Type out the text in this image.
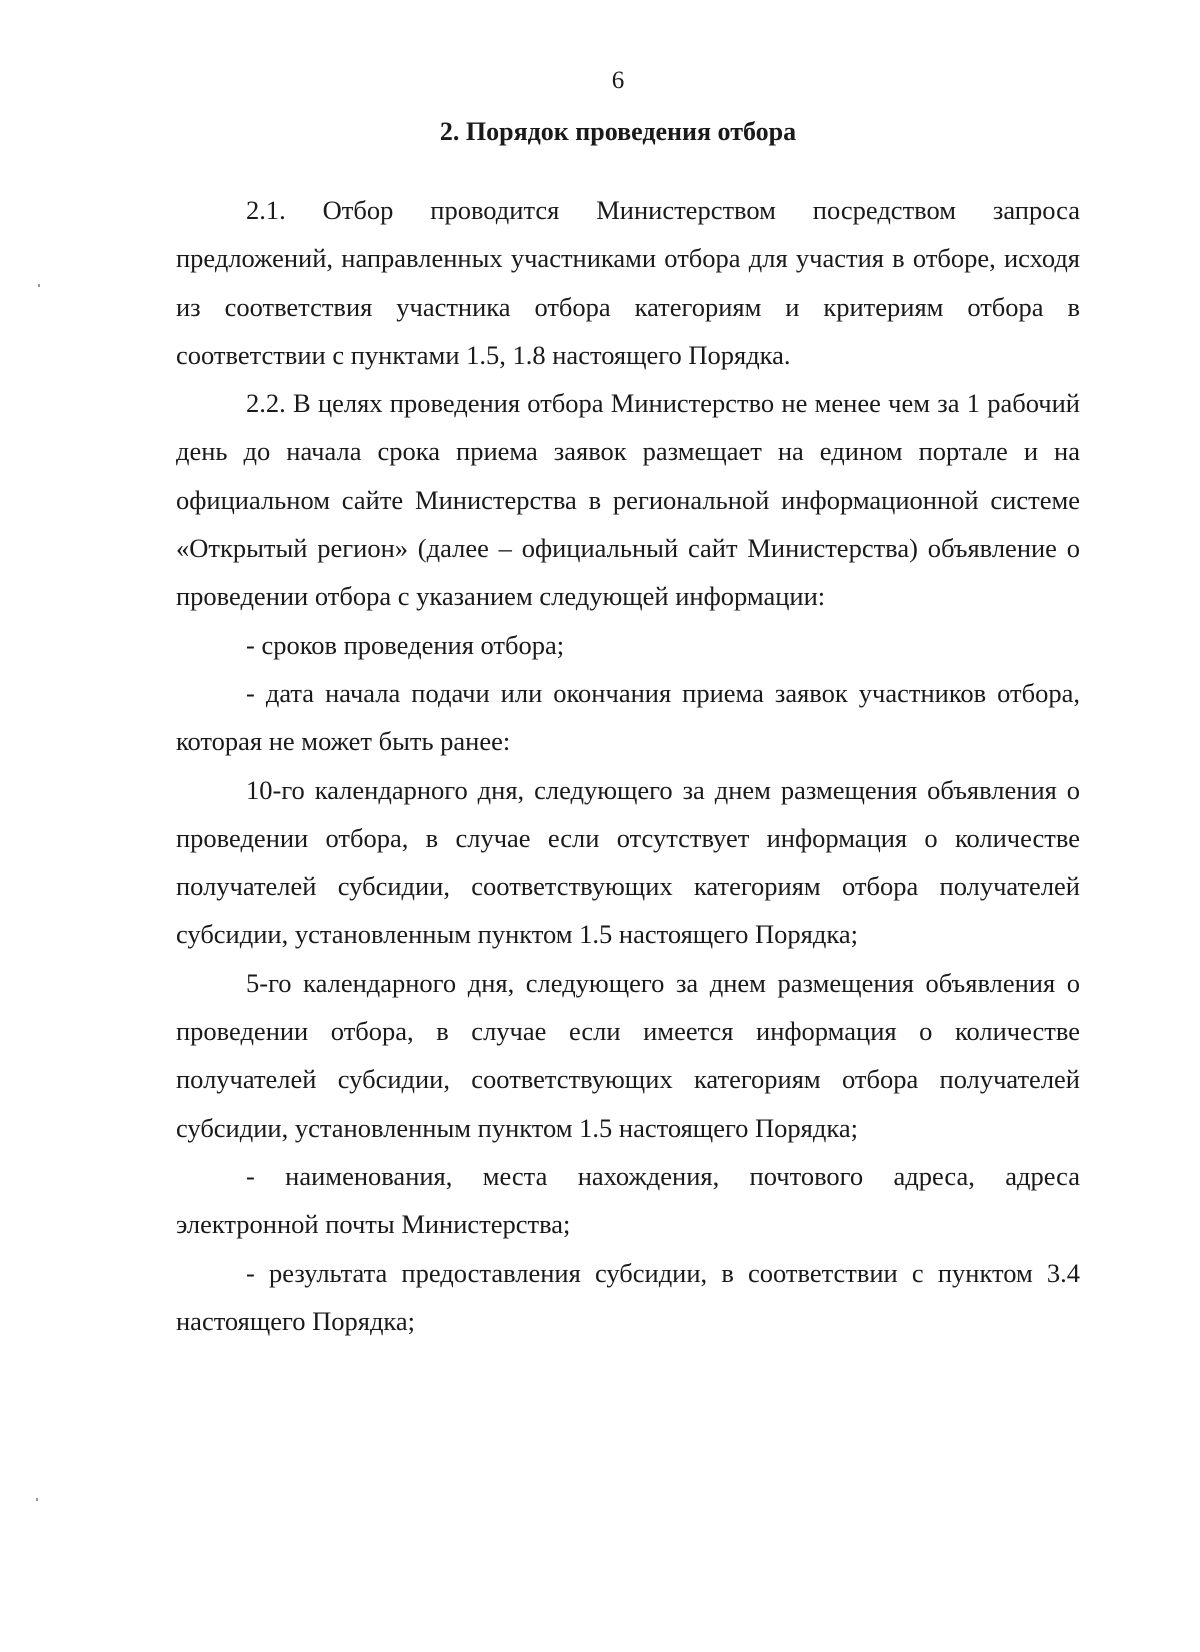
6
2. Порядок проведения отбора

2.1. Отбор проводится Министерством посредством запроса предложений, направленных участниками отбора для участия в отборе, исходя из соответствия участника отбора категориям и критериям отбора в соответствии с пунктами 1.5, 1.8 настоящего Порядка.

2.2. В целях проведения отбора Министерство не менее чем за 1 рабочий день до начала срока приема заявок размещает на едином портале и на официальном сайте Министерства в региональной информационной системе «Открытый регион» (далее – официальный сайт Министерства) объявление о проведении отбора с указанием следующей информации:

- сроков проведения отбора;

- дата начала подачи или окончания приема заявок участников отбора, которая не может быть ранее:

10-го календарного дня, следующего за днем размещения объявления о проведении отбора, в случае если отсутствует информация о количестве получателей субсидии, соответствующих категориям отбора получателей субсидии, установленным пунктом 1.5 настоящего Порядка;

5-го календарного дня, следующего за днем размещения объявления о проведении отбора, в случае если имеется информация о количестве получателей субсидии, соответствующих категориям отбора получателей субсидии, установленным пунктом 1.5 настоящего Порядка;

- наименования, места нахождения, почтового адреса, адреса электронной почты Министерства;

- результата предоставления субсидии, в соответствии с пунктом 3.4 настоящего Порядка;
